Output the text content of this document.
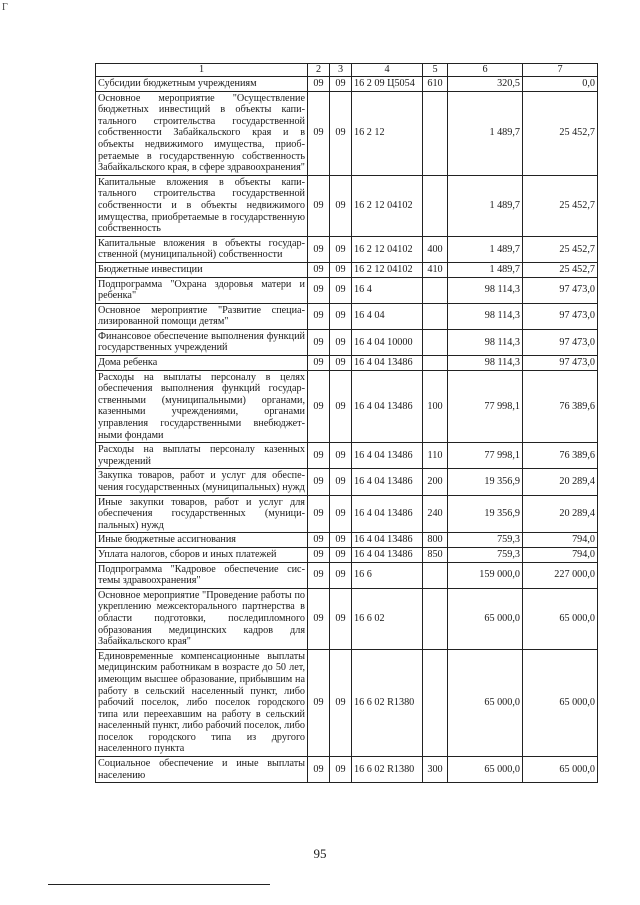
Г
1	2	3	4	5	6	7
Субсидии бюджетным учреждениям	09	09	16 2 09 Ц5054	610	320,5	0,0
Основное мероприятие "Осуществление бюджетных инвестиций в объекты капитального строительства государственной собственности Забайкальского края и в объекты недвижимого имущества, приобретаемые в государственную собственность Забайкальского края, в сфере здравоохранения"	09	09	16 2 12		1 489,7	25 452,7
Капитальные вложения в объекты капитального строительства государственной собственности и в объекты недвижимого имущества, приобретаемые в государственную собственность	09	09	16 2 12 04102		1 489,7	25 452,7
Капитальные вложения в объекты государственной (муниципальной) собственности	09	09	16 2 12 04102	400	1 489,7	25 452,7
Бюджетные инвестиции	09	09	16 2 12 04102	410	1 489,7	25 452,7
Подпрограмма "Охрана здоровья матери и ребенка"	09	09	16 4		98 114,3	97 473,0
Основное мероприятие "Развитие специализированной помощи детям"	09	09	16 4 04		98 114,3	97 473,0
Финансовое обеспечение выполнения функций государственных учреждений	09	09	16 4 04 10000		98 114,3	97 473,0
Дома ребенка	09	09	16 4 04 13486		98 114,3	97 473,0
Расходы на выплаты персоналу в целях обеспечения выполнения функций государственными (муниципальными) органами, казенными учреждениями, органами управления государственными внебюджетными фондами	09	09	16 4 04 13486	100	77 998,1	76 389,6
Расходы на выплаты персоналу казенных учреждений	09	09	16 4 04 13486	110	77 998,1	76 389,6
Закупка товаров, работ и услуг для обеспечения государственных (муниципальных) нужд	09	09	16 4 04 13486	200	19 356,9	20 289,4
Иные закупки товаров, работ и услуг для обеспечения государственных (муниципальных) нужд	09	09	16 4 04 13486	240	19 356,9	20 289,4
Иные бюджетные ассигнования	09	09	16 4 04 13486	800	759,3	794,0
Уплата налогов, сборов и иных платежей	09	09	16 4 04 13486	850	759,3	794,0
Подпрограмма "Кадровое обеспечение системы здравоохранения"	09	09	16 6		159 000,0	227 000,0
Основное мероприятие "Проведение работы по укреплению межсекторального партнерства в области подготовки, последипломного образования медицинских кадров для Забайкальского края"	09	09	16 6 02		65 000,0	65 000,0
Единовременные компенсационные выплаты медицинским работникам в возрасте до 50 лет, имеющим высшее образование, прибывшим на работу в сельский населенный пункт, либо рабочий поселок, либо поселок городского типа или переехавшим на работу в сельский населенный пункт, либо рабочий поселок, либо поселок городского типа из другого населенного пункта	09	09	16 6 02 R1380		65 000,0	65 000,0
Социальное обеспечение и иные выплаты населению	09	09	16 6 02 R1380	300	65 000,0	65 000,0
95
